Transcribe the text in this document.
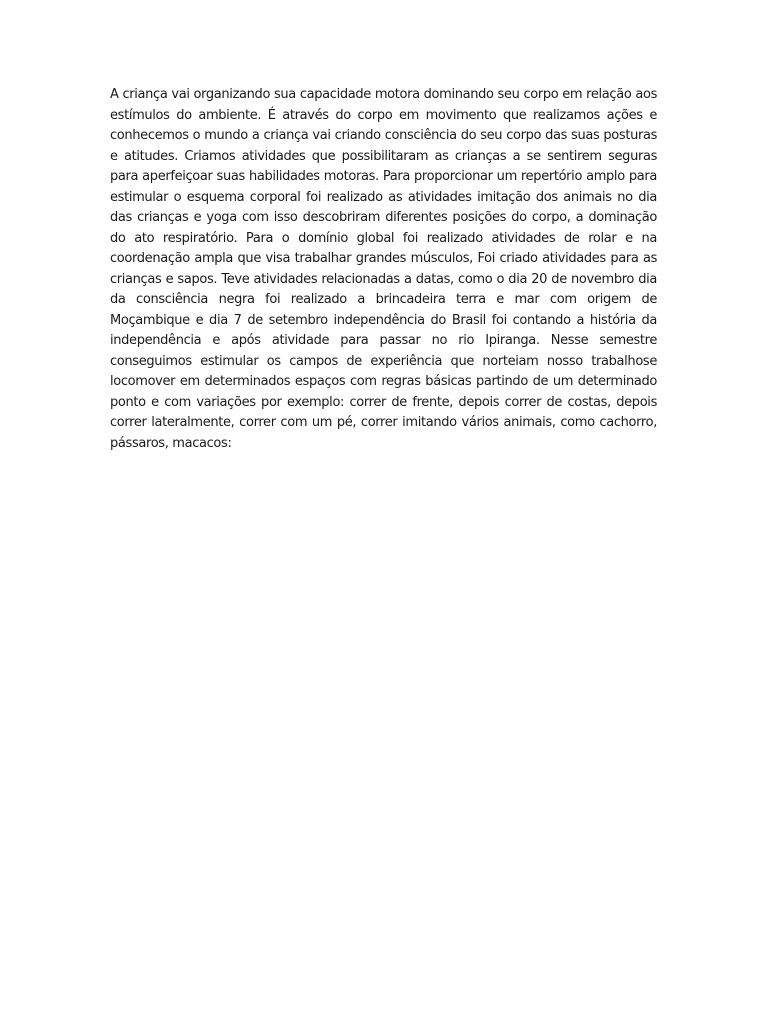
A criança vai organizando sua capacidade motora dominando seu corpo em relação aos estímulos do ambiente. É através do corpo em movimento que realizamos ações e conhecemos o mundo a criança vai criando consciência do seu corpo das suas posturas e atitudes. Criamos atividades que possibilitaram as crianças a se sentirem seguras para aperfeiçoar suas habilidades motoras. Para proporcionar um repertório amplo para estimular o esquema corporal foi realizado as atividades imitação dos animais no dia das crianças e yoga com isso descobriram diferentes posições do corpo, a dominação do ato respiratório. Para o domínio global foi realizado atividades de rolar e na coordenação ampla que visa trabalhar grandes músculos, Foi criado atividades para as crianças e sapos. Teve atividades relacionadas a datas, como o dia 20 de novembro dia da consciência negra foi realizado a brincadeira terra e mar com origem de Moçambique e dia 7 de setembro independência do Brasil foi contando a história da independência e após atividade para passar no rio Ipiranga. Nesse semestre conseguimos estimular os campos de experiência que norteiam nosso trabalhose locomover em determinados espaços com regras básicas partindo de um determinado ponto e com variações por exemplo: correr de frente, depois correr de costas, depois correr lateralmente, correr com um pé, correr imitando vários animais, como cachorro, pássaros, macacos:
